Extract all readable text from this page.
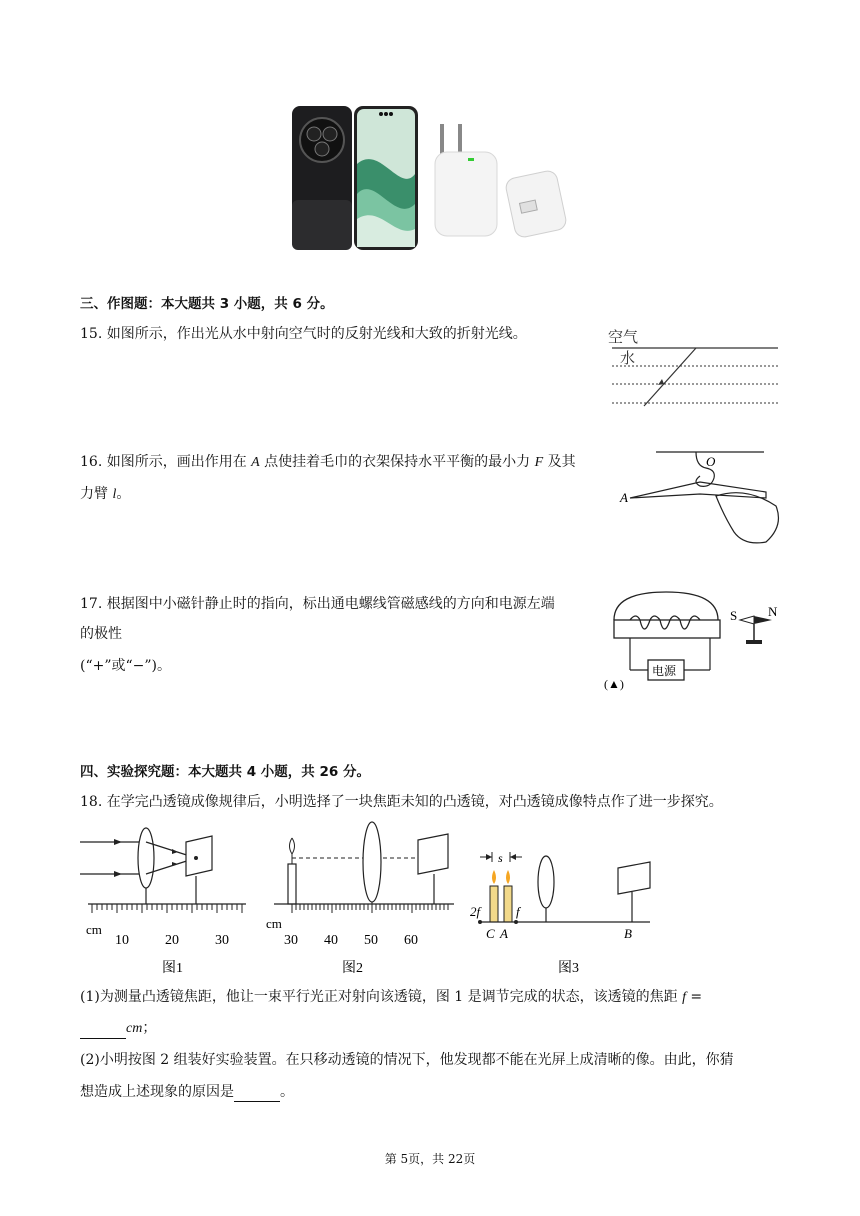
三、作图题：本大题共 3 小题，共 6 分。
15. 如图所示，作出光从水中射向空气时的反射光线和大致的折射光线。	空气
水
16. 如图所示，画出作用在 A 点使挂着毛巾的衣架保持水平平衡的最小力 F 及其
力臂 l。
O
A
17. 根据图中小磁针静止时的指向，标出通电螺线管磁感线的方向和电源左端
的极性
(“+”或“−”)。	电源
(▲)
S N
四、实验探究题：本大题共 4 小题，共 26 分。
18. 在学完凸透镜成像规律后，小明选择了一块焦距未知的凸透镜，对凸透镜成像特点作了进一步探究。
cm
10	20	30
图1
cm
30 40 50 60
图2
s
2f	f
C A	B
图3
(1)为测量凸透镜焦距，他让一束平行光正对射向该透镜，图 1 是调节完成的状态，该透镜的焦距 f =
cm；
(2)小明按图 2 组装好实验装置。在只移动透镜的情况下，他发现都不能在光屏上成清晰的像。由此，你猜
想造成上述现象的原因是	。
第 5页，共 22页
